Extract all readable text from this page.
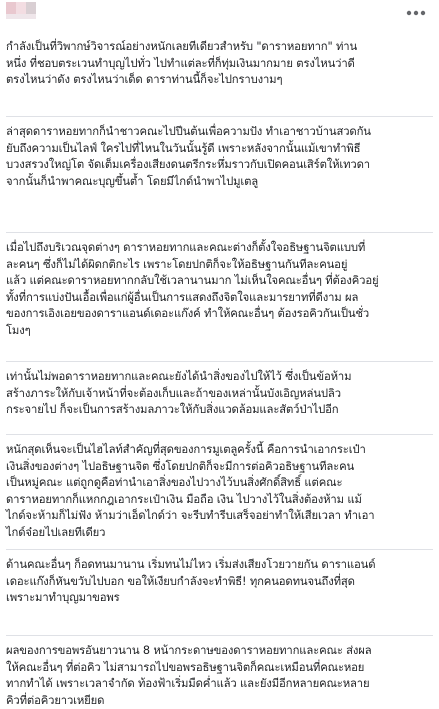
กำลังเป็นที่วิพากษ์วิจารณ์อย่างหนักเลยทีเดียวสำหรับ "ดาราหอยทาก" ท่าน
หนึ่ง ที่ชอบตระเวนทำบุญไปทั่ว ไปทำแต่ละที่ก็ทุ่มเงินมากมาย ตรงไหนว่าดี
ตรงไหนว่าดัง ตรงไหนว่าเด็ด ดาราท่านนี้ก็จะไปกราบงามๆ

ล่าสุดดาราหอยทากก็นำชาวคณะไปปีนต้นเพื่อความปัง ทำเอาชาวบ้านสวดกัน
ยับถึงความเป็นไลฟ์ ใครไปที่ไหนในวันนั้นรู้ดี เพราะหลังจากนั้นแม้เขาทำพิธี
บวงสรวงใหญ่โต จัดเต็มเครื่องเสียงดนตรีกระหึ่มราวกับเปิดคอนเสิร์ตให้เทวดา
จากนั้นก็นำพาคณะบุญขึ้นต้ำ โดยมีไกด์นำพาไปมูเตลู

เมื่อไปถึงบริเวณจุดต่างๆ ดาราหอยทากและคณะต่างก็ตั้งใจอธิษฐานจิตแบบที่
ละคนๆ ซึ่งก็ไม่ได้ผิดกติกะไร เพราะโดยปกติก็จะให้อธิษฐานกันทีละคนอยู่
แล้ว แต่คณะดาราหอยทากกลับใช้เวลานานมาก ไม่เห็นใจคณะอื่นๆ ที่ต้องคิวอยู่
ทั้งที่การแบ่งปันเอื้อเพื่อแก่ผู้อื่นเป็นการแสดงถึงจิตใจและมารยาทที่ดีงาม ผล
ของการเอิงเอยของดาราแอนด์เดอะแก๊งค์ ทำให้คณะอื่นๆ ต้องรอคิวกันเป็นชั่ว
โมงๆ

เท่านั้นไม่พอดาราหอยทากและคณะยังได้นำสิ่งของไปให้ไว้ ซึ่งเป็นข้อห้าม
สร้างภาระให้กับเจ้าหน้าที่จะต้องเก็บและถ้าของเหล่านั้นบังเอิญหล่นปลิว
กระจายไป ก็จะเป็นการสร้างมลภาวะให้กับสิ่งแวดล้อมและสัตว์ป่าไปอีก

หนักสุดเห็นจะเป็นไฮไลท์สำคัญที่สุดของการมูเตลูครั้งนี้ คือการนำเอากระเป๋า
เงินสิ่งของต่างๆ ไปอธิษฐานจิต ซึ่งโดยปกติก็จะมีการต่อคิวอธิษฐานทีละคน
เป็นหมู่คณะ แต่ถูกดูคือท่านำเอาสิ่งของไปวางไว้บนสิ่งศักดิ์สิทธิ์ แต่คณะ
ดาราหอยทากก็แหกกฎเอากระเป๋าเงิน มือถือ เงิน ไปวางไว้ในสิ่งต้องห้าม แม้
ไกด์จะห้ามก็ไม่ฟัง ห้ามว่าเอ็ดไกด์ว่า จะรีบทำรีบเสร็จอย่าทำให้เสียเวลา ทำเอา
ไกด์จ๋อยไปเลยทีเดียว

ด้านคณะอื่นๆ ก็อดทนมานาน เริ่มทนไม่ไหว เริ่มส่งเสียงโวยวายกัน ดาราแอนด์
เดอะแก๊งก็หันขวับไปบอก ขอให้เงียบกำลังจะทำพิธี! ทุกคนอดทนจนถึงที่สุด
เพราะมาทำบุญมาขอพร

ผลของการขอพรอันยาวนาน 8 หน้ากระดาษของดาราหอยทากและคณะ ส่งผล
ให้คณะอื่นๆ ที่ต่อคิว ไม่สามารถไปขอพรอธิษฐานจิตก็คณะเหมือนที่คณะหอย
ทากทำได้ เพราะเวลาจำกัด ท้องฟ้าเริ่มมืดค่ำแล้ว และยังมีอีกหลายคณะหลาย
คิวที่ต่อคิวยาวเหยียด
